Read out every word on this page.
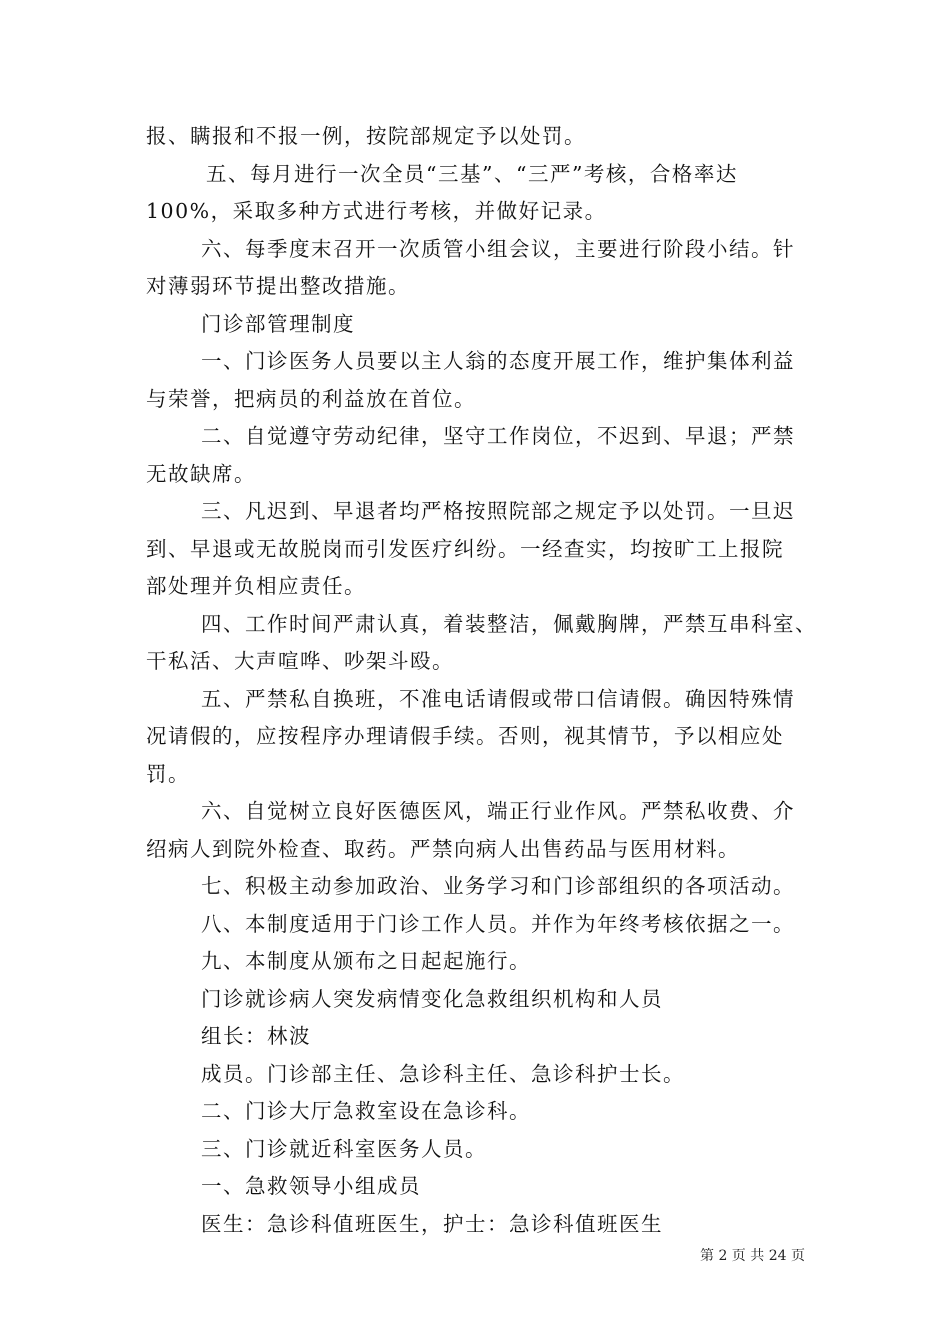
报、瞒报和不报一例，按院部规定予以处罚。
五、每月进行一次全员“三基”、“三严”考核，合格率达
100%，采取多种方式进行考核，并做好记录。
六、每季度末召开一次质管小组会议，主要进行阶段小结。针
对薄弱环节提出整改措施。
门诊部管理制度
一、门诊医务人员要以主人翁的态度开展工作，维护集体利益
与荣誉，把病员的利益放在首位。
二、自觉遵守劳动纪律，坚守工作岗位，不迟到、早退；严禁
无故缺席。
三、凡迟到、早退者均严格按照院部之规定予以处罚。一旦迟
到、早退或无故脱岗而引发医疗纠纷。一经查实，均按旷工上报院
部处理并负相应责任。
四、工作时间严肃认真，着装整洁，佩戴胸牌，严禁互串科室、
干私活、大声喧哗、吵架斗殴。
五、严禁私自换班，不准电话请假或带口信请假。确因特殊情
况请假的，应按程序办理请假手续。否则，视其情节，予以相应处
罚。
六、自觉树立良好医德医风，端正行业作风。严禁私收费、介
绍病人到院外检查、取药。严禁向病人出售药品与医用材料。
七、积极主动参加政治、业务学习和门诊部组织的各项活动。
八、本制度适用于门诊工作人员。并作为年终考核依据之一。
九、本制度从颁布之日起起施行。
门诊就诊病人突发病情变化急救组织机构和人员
组长：林波
成员。门诊部主任、急诊科主任、急诊科护士长。
二、门诊大厅急救室设在急诊科。
三、门诊就近科室医务人员。
一、急救领导小组成员
医生：急诊科值班医生，护士：急诊科值班医生
第 2 页 共 24 页
